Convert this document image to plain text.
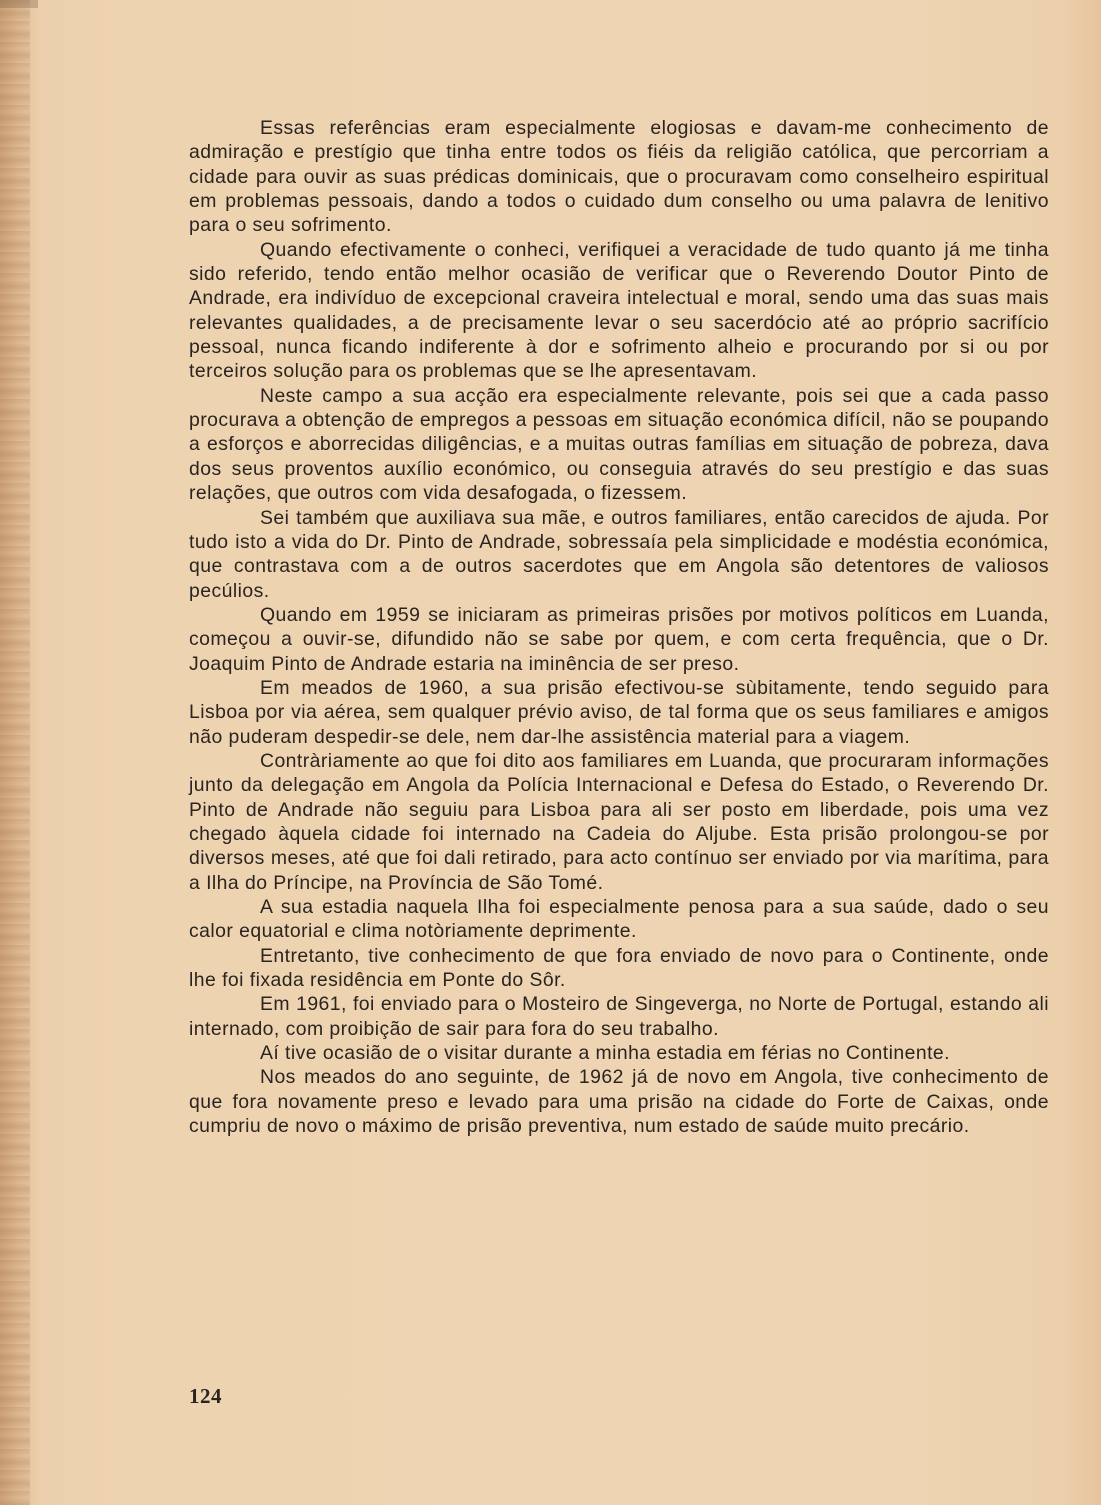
Essas referências eram especialmente elogiosas e davam-me conhecimento de admiração e prestígio que tinha entre todos os fiéis da religião católica, que percorriam a cidade para ouvir as suas prédicas dominicais, que o procuravam como conselheiro espiritual em problemas pessoais, dando a todos o cuidado dum conselho ou uma palavra de lenitivo para o seu sofrimento.

Quando efectivamente o conheci, verifiquei a veracidade de tudo quanto já me tinha sido referido, tendo então melhor ocasião de verificar que o Reverendo Doutor Pinto de Andrade, era indivíduo de excepcional craveira intelectual e moral, sendo uma das suas mais relevantes qualidades, a de precisamente levar o seu sacerdócio até ao próprio sacrifício pessoal, nunca ficando indiferente à dor e sofrimento alheio e procurando por si ou por terceiros solução para os problemas que se lhe apresentavam.

Neste campo a sua acção era especialmente relevante, pois sei que a cada passo procurava a obtenção de empregos a pessoas em situação económica difícil, não se poupando a esforços e aborrecidas diligências, e a muitas outras famílias em situação de pobreza, dava dos seus proventos auxílio económico, ou conseguia através do seu prestígio e das suas relações, que outros com vida desafogada, o fizessem.

Sei também que auxiliava sua mãe, e outros familiares, então carecidos de ajuda. Por tudo isto a vida do Dr. Pinto de Andrade, sobressaía pela simplicidade e modéstia económica, que contrastava com a de outros sacerdotes que em Angola são detentores de valiosos pecúlios.

Quando em 1959 se iniciaram as primeiras prisões por motivos políticos em Luanda, começou a ouvir-se, difundido não se sabe por quem, e com certa frequência, que o Dr. Joaquim Pinto de Andrade estaria na iminência de ser preso.

Em meados de 1960, a sua prisão efectivou-se sùbitamente, tendo seguido para Lisboa por via aérea, sem qualquer prévio aviso, de tal forma que os seus familiares e amigos não puderam despedir-se dele, nem dar-lhe assistência material para a viagem.

Contràriamente ao que foi dito aos familiares em Luanda, que procuraram informações junto da delegação em Angola da Polícia Internacional e Defesa do Estado, o Reverendo Dr. Pinto de Andrade não seguiu para Lisboa para ali ser posto em liberdade, pois uma vez chegado àquela cidade foi internado na Cadeia do Aljube. Esta prisão prolongou-se por diversos meses, até que foi dali retirado, para acto contínuo ser enviado por via marítima, para a Ilha do Príncipe, na Província de São Tomé.

A sua estadia naquela Ilha foi especialmente penosa para a sua saúde, dado o seu calor equatorial e clima notòriamente deprimente.

Entretanto, tive conhecimento de que fora enviado de novo para o Continente, onde lhe foi fixada residência em Ponte do Sôr.

Em 1961, foi enviado para o Mosteiro de Singeverga, no Norte de Portugal, estando ali internado, com proibição de sair para fora do seu trabalho.

Aí tive ocasião de o visitar durante a minha estadia em férias no Continente.

Nos meados do ano seguinte, de 1962 já de novo em Angola, tive conhecimento de que fora novamente preso e levado para uma prisão na cidade do Forte de Caixas, onde cumpriu de novo o máximo de prisão preventiva, num estado de saúde muito precário.

124
